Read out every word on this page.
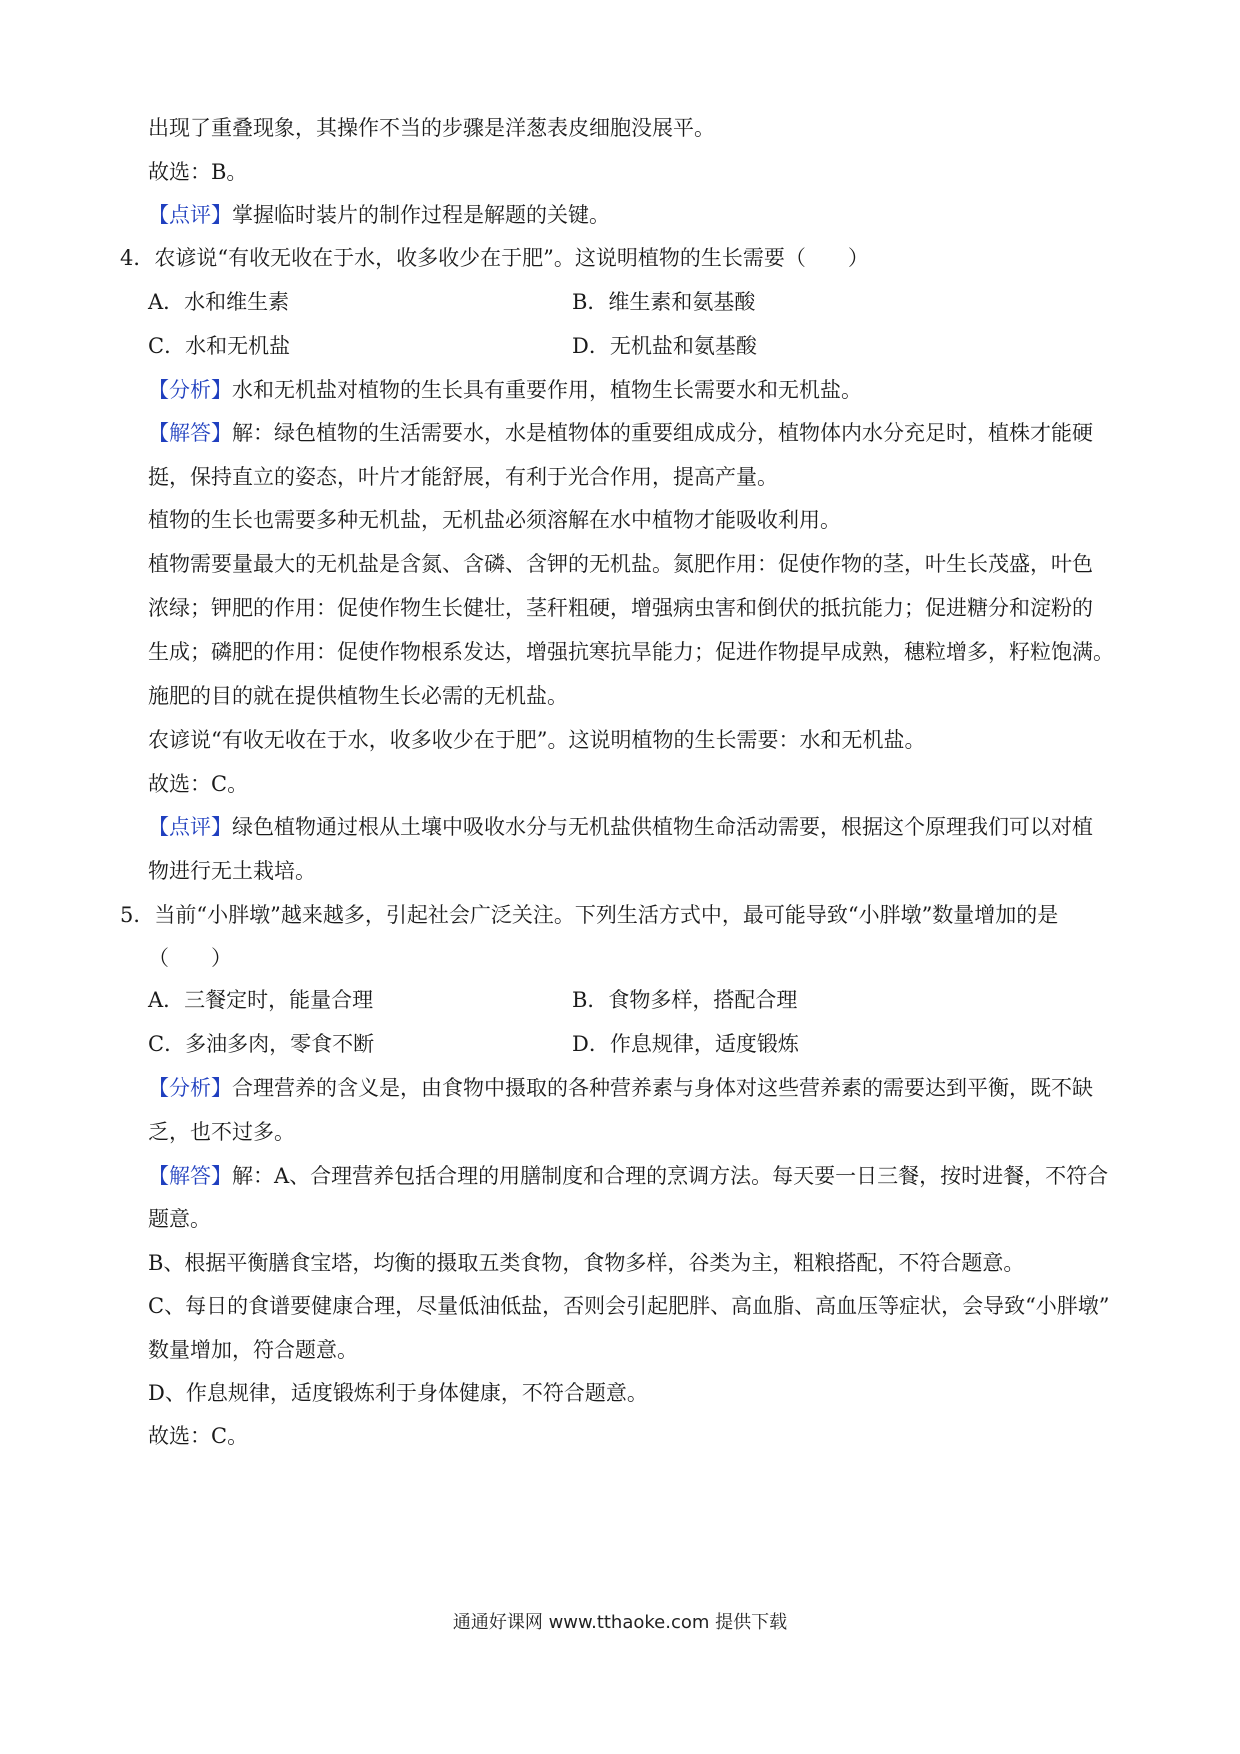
出现了重叠现象，其操作不当的步骤是洋葱表皮细胞没展平。
故选：B。
【点评】掌握临时装片的制作过程是解题的关键。
4．农谚说“有收无收在于水，收多收少在于肥”。这说明植物的生长需要（　　）
A．水和维生素	B．维生素和氨基酸
C．水和无机盐	D．无机盐和氨基酸
【分析】水和无机盐对植物的生长具有重要作用，植物生长需要水和无机盐。
【解答】解：绿色植物的生活需要水，水是植物体的重要组成成分，植物体内水分充足时，植株才能硬
挺，保持直立的姿态，叶片才能舒展，有利于光合作用，提高产量。
植物的生长也需要多种无机盐，无机盐必须溶解在水中植物才能吸收利用。
植物需要量最大的无机盐是含氮、含磷、含钾的无机盐。氮肥作用：促使作物的茎，叶生长茂盛，叶色
浓绿；钾肥的作用：促使作物生长健壮，茎秆粗硬，增强病虫害和倒伏的抵抗能力；促进糖分和淀粉的
生成；磷肥的作用：促使作物根系发达，增强抗寒抗旱能力；促进作物提早成熟，穗粒增多，籽粒饱满。
施肥的目的就在提供植物生长必需的无机盐。
农谚说“有收无收在于水，收多收少在于肥”。这说明植物的生长需要：水和无机盐。
故选：C。
【点评】绿色植物通过根从土壤中吸收水分与无机盐供植物生命活动需要，根据这个原理我们可以对植
物进行无土栽培。
5．当前“小胖墩”越来越多，引起社会广泛关注。下列生活方式中，最可能导致“小胖墩”数量增加的是
（　　）
A．三餐定时，能量合理	B．食物多样，搭配合理
C．多油多肉，零食不断	D．作息规律，适度锻炼
【分析】合理营养的含义是，由食物中摄取的各种营养素与身体对这些营养素的需要达到平衡，既不缺
乏，也不过多。
【解答】解：A、合理营养包括合理的用膳制度和合理的烹调方法。每天要一日三餐，按时进餐，不符合
题意。
B、根据平衡膳食宝塔，均衡的摄取五类食物，食物多样，谷类为主，粗粮搭配，不符合题意。
C、每日的食谱要健康合理，尽量低油低盐，否则会引起肥胖、高血脂、高血压等症状，会导致“小胖墩”
数量增加，符合题意。
D、作息规律，适度锻炼利于身体健康，不符合题意。
故选：C。
通通好课网 www.tthaoke.com 提供下载
